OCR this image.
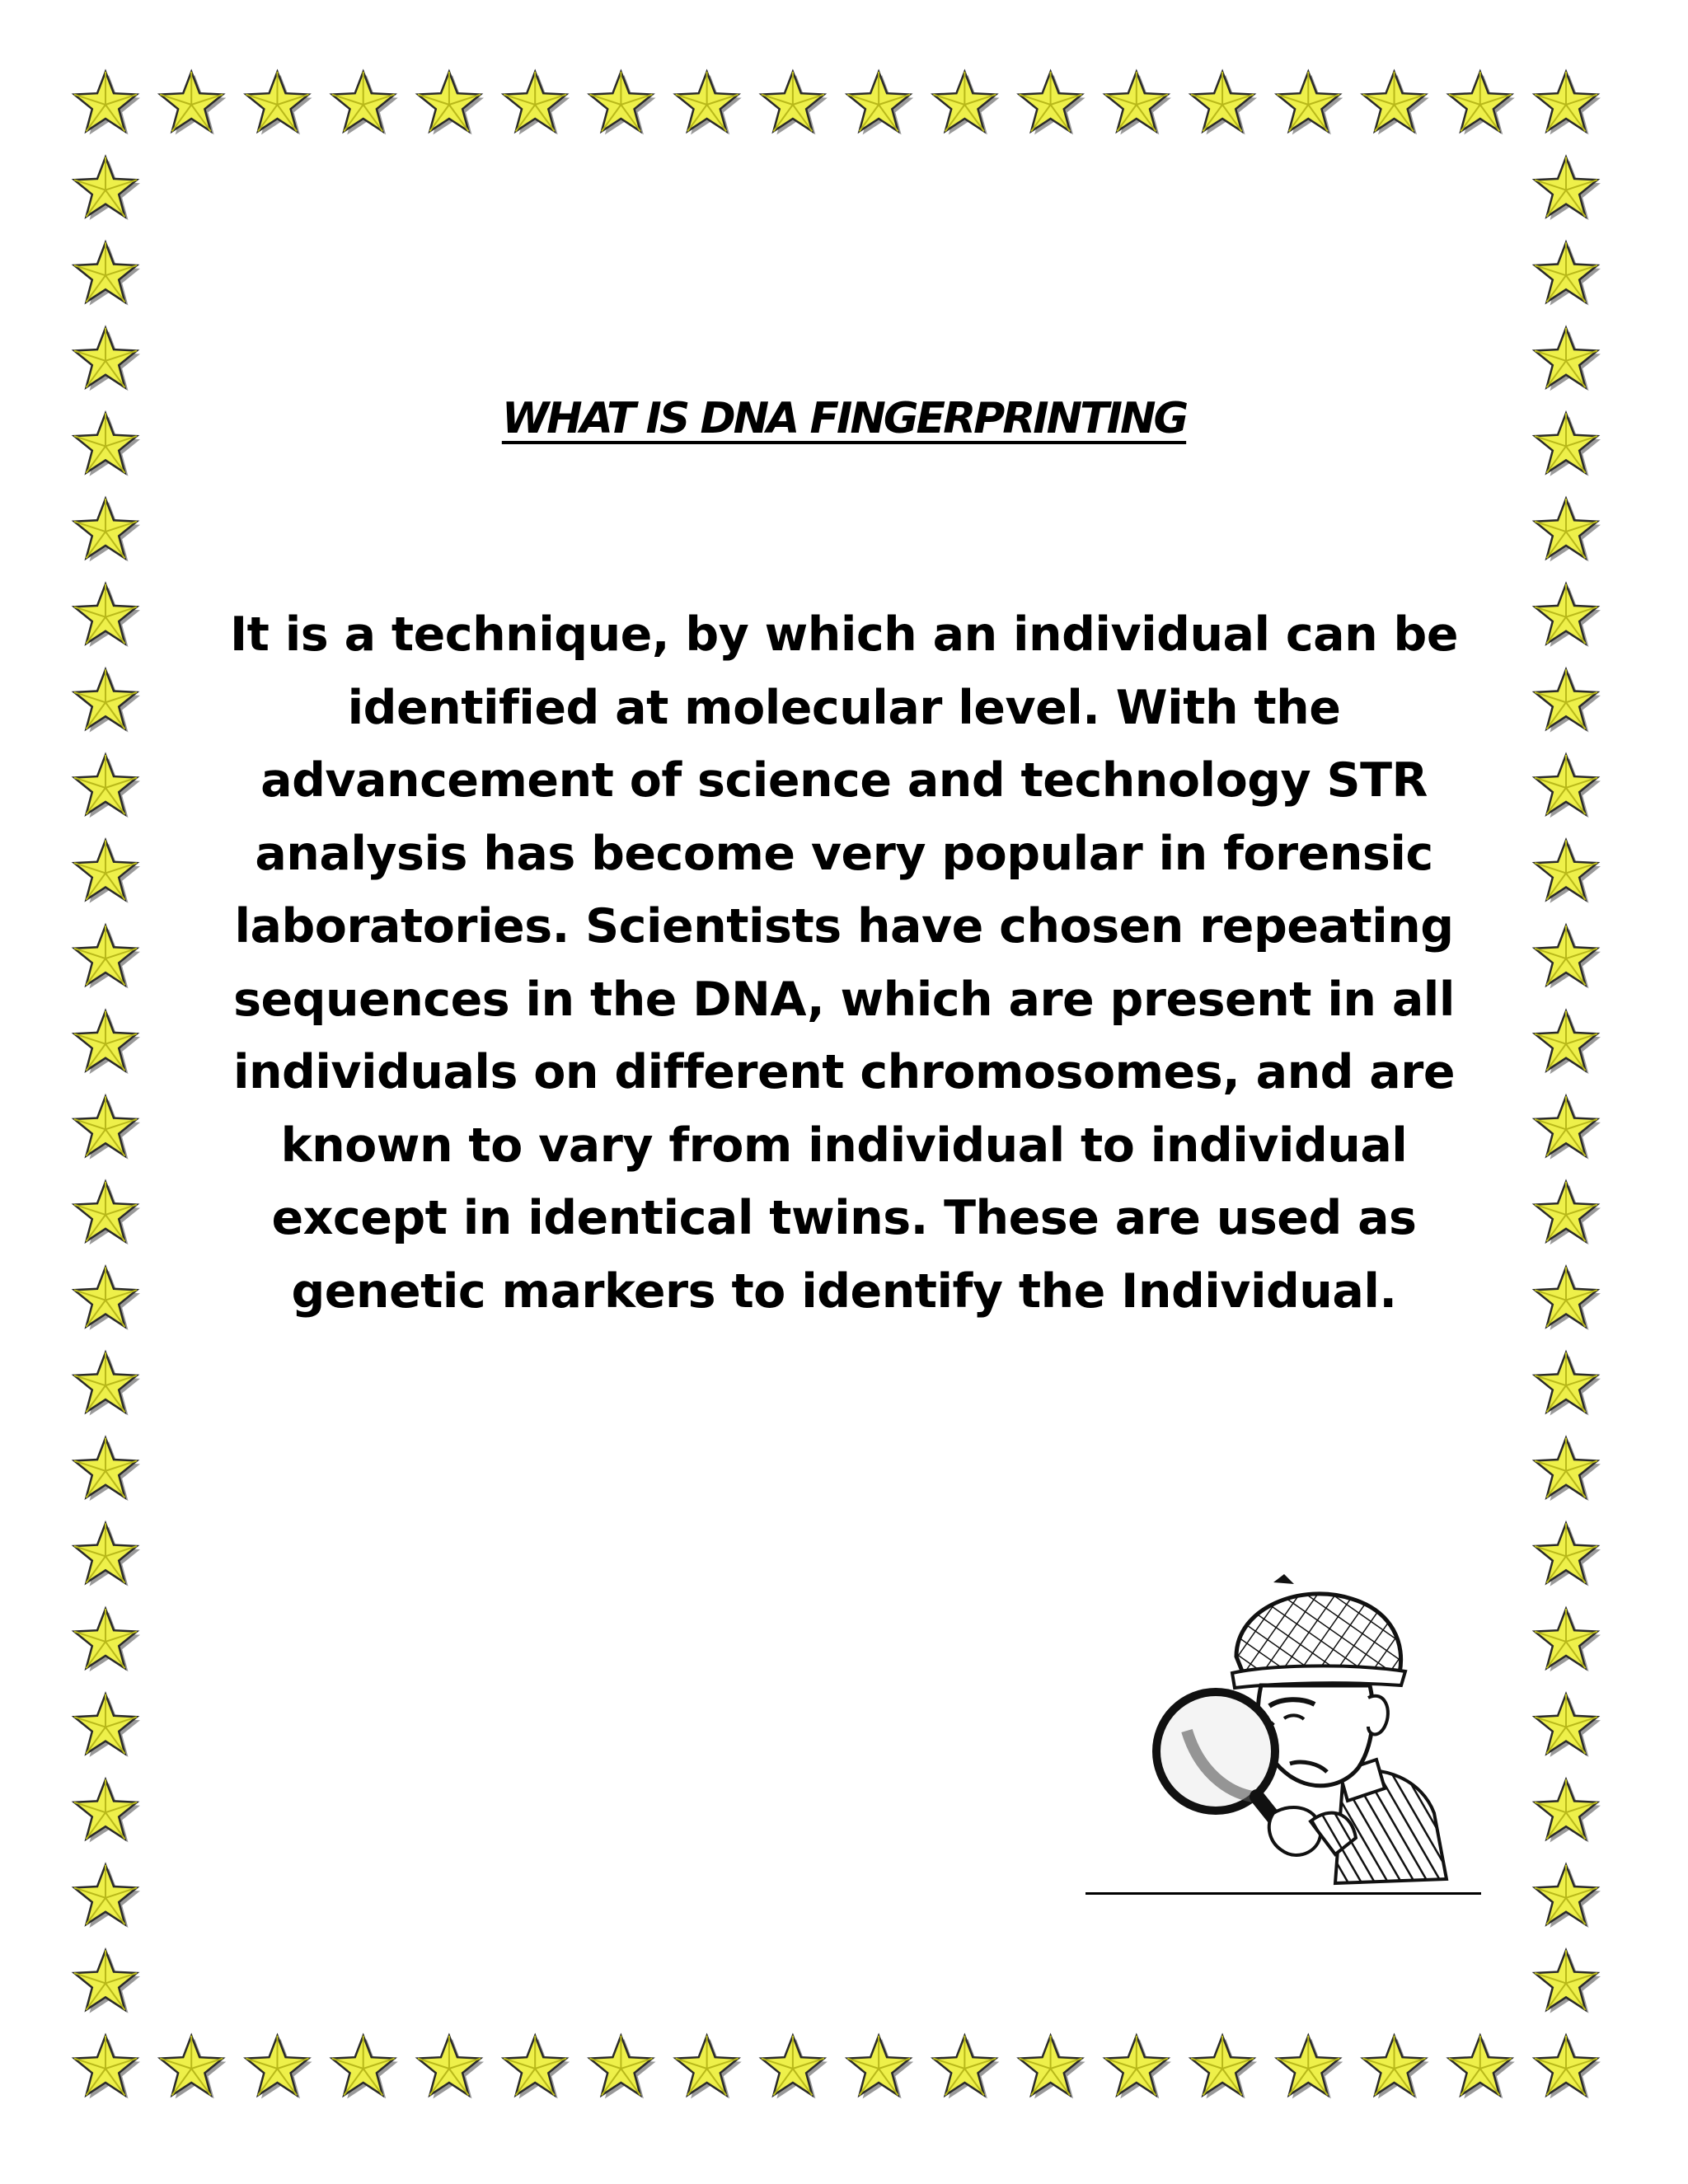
WHAT IS DNA FINGERPRINTING

It is a technique, by which an individual can be
identified at molecular level. With the
advancement of science and technology STR
analysis has become very popular in forensic
laboratories. Scientists have chosen repeating
sequences in the DNA, which are present in all
individuals on different chromosomes, and are
known to vary from individual to individual
except in identical twins. These are used as
genetic markers to identify the Individual.
